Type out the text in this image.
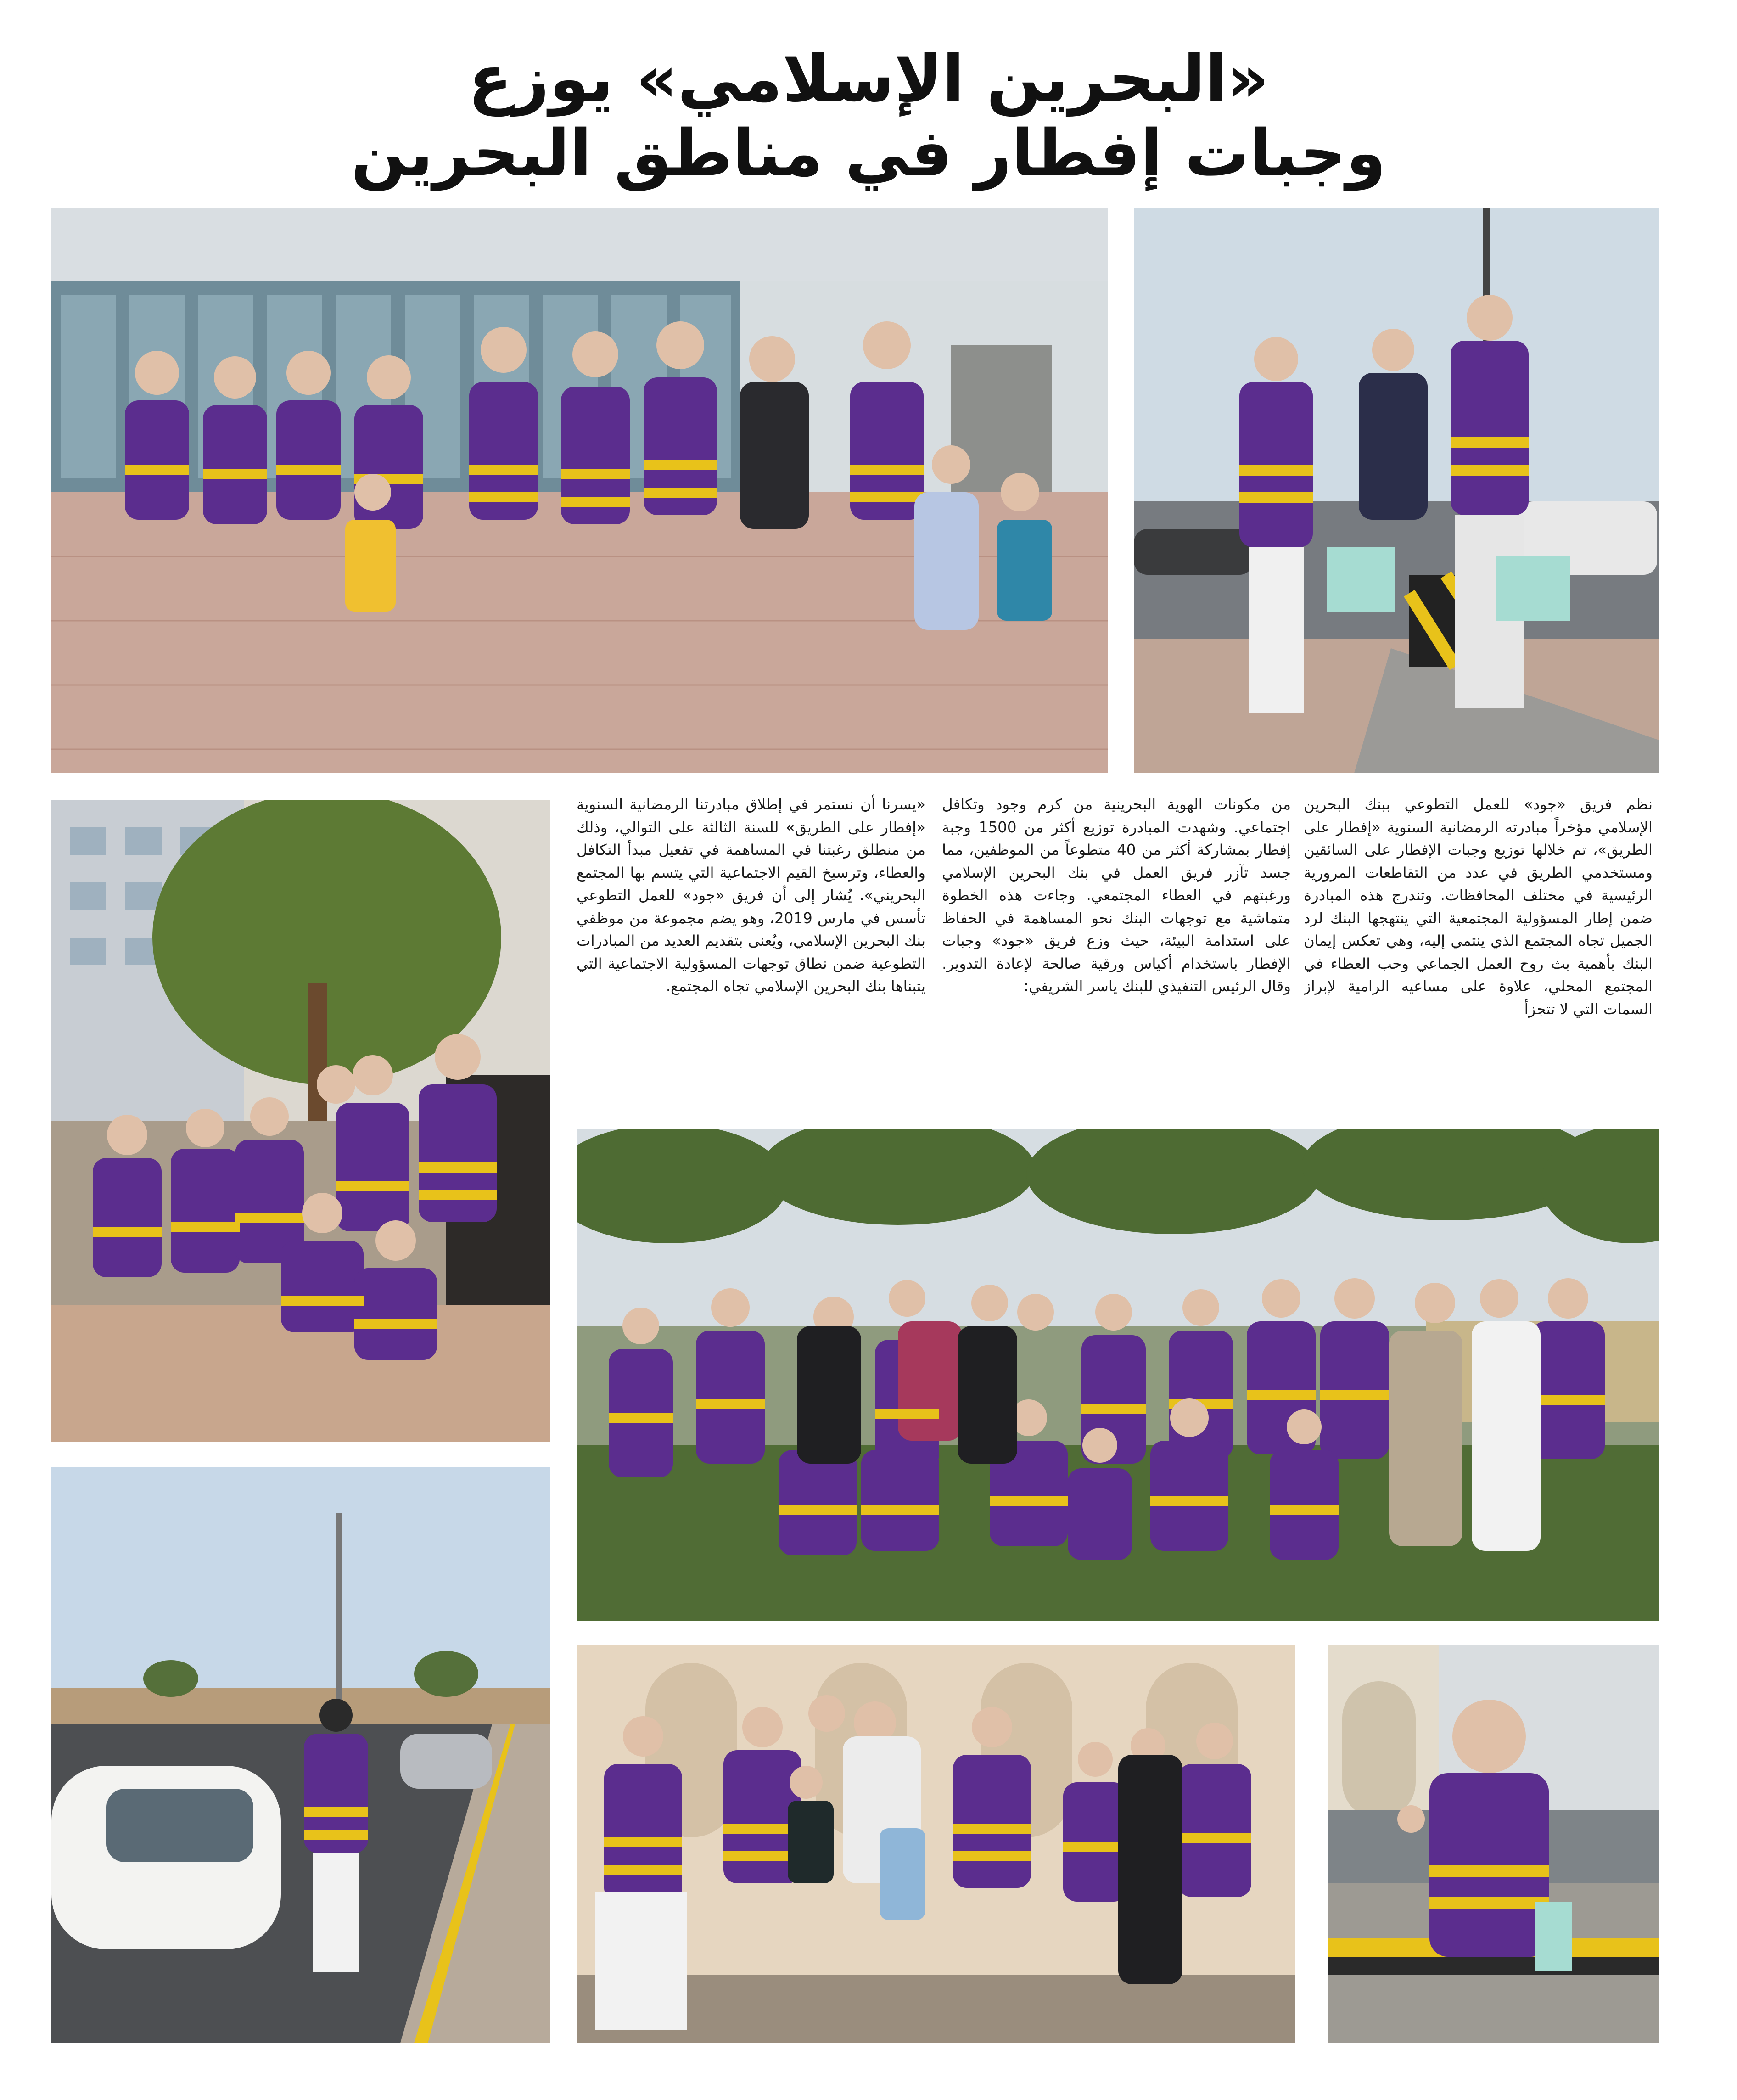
«البحرين الإسلامي» يوزع
وجبات إفطار في مناطق البحرين

نظم فريق «جود» للعمل التطوعي ببنك البحرين الإسلامي مؤخراً مبادرته الرمضانية السنوية «إفطار على الطريق»، تم خلالها توزيع وجبات الإفطار على السائقين ومستخدمي الطريق في عدد من التقاطعات المرورية الرئيسية في مختلف المحافظات. وتندرج هذه المبادرة ضمن إطار المسؤولية المجتمعية التي ينتهجها البنك لرد الجميل تجاه المجتمع الذي ينتمي إليه، وهي تعكس إيمان البنك بأهمية بث روح العمل الجماعي وحب العطاء في المجتمع المحلي، علاوة على مساعيه الرامية لإبراز السمات التي لا تتجزأ

من مكونات الهوية البحرينية من كرم وجود وتكافل اجتماعي. وشهدت المبادرة توزيع أكثر من 1500 وجبة إفطار بمشاركة أكثر من 40 متطوعاً من الموظفين، مما جسد تآزر فريق العمل في بنك البحرين الإسلامي ورغبتهم في العطاء المجتمعي. وجاءت هذه الخطوة متماشية مع توجهات البنك نحو المساهمة في الحفاظ على استدامة البيئة، حيث وزع فريق «جود» وجبات الإفطار باستخدام أكياس ورقية صالحة لإعادة التدوير. وقال الرئيس التنفيذي للبنك ياسر الشريفي:

«يسرنا أن نستمر في إطلاق مبادرتنا الرمضانية السنوية «إفطار على الطريق» للسنة الثالثة على التوالي، وذلك من منطلق رغبتنا في المساهمة في تفعيل مبدأ التكافل والعطاء، وترسيخ القيم الاجتماعية التي يتسم بها المجتمع البحريني». يُشار إلى أن فريق «جود» للعمل التطوعي تأسس في مارس 2019، وهو يضم مجموعة من موظفي بنك البحرين الإسلامي، ويُعنى بتقديم العديد من المبادرات التطوعية ضمن نطاق توجهات المسؤولية الاجتماعية التي يتبناها بنك البحرين الإسلامي تجاه المجتمع.
